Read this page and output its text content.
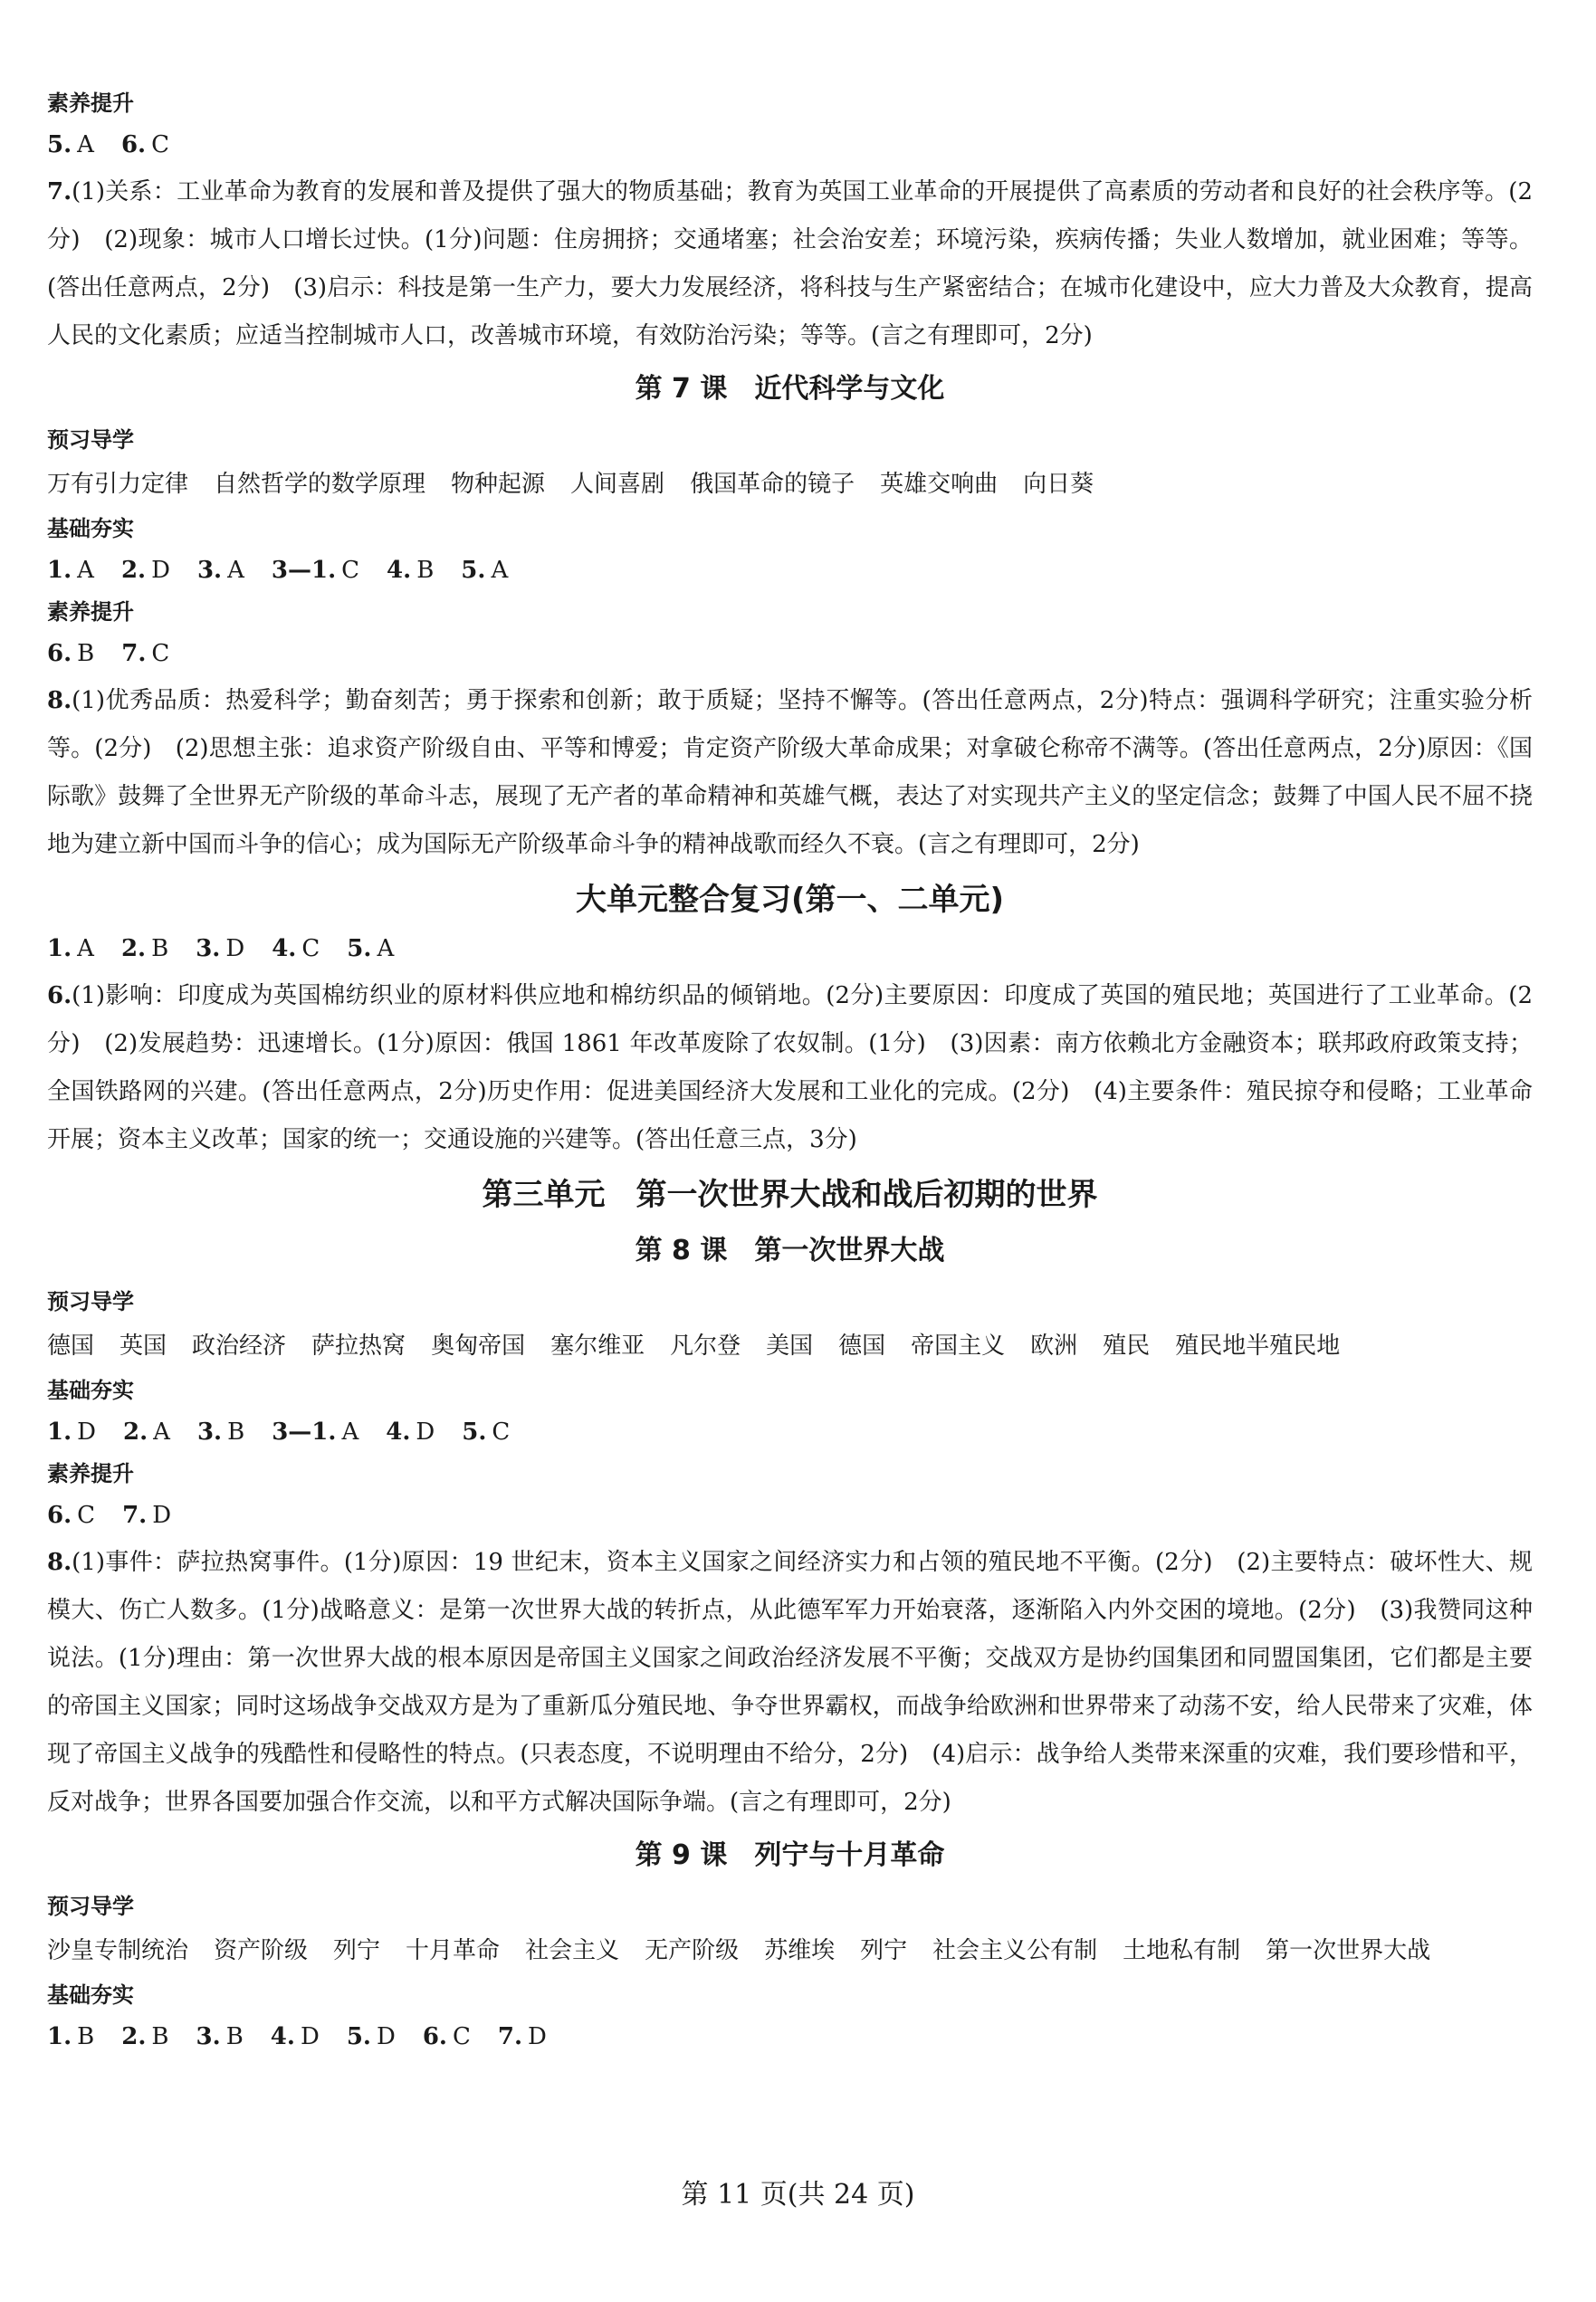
素养提升
5. A 6. C

7.(1)关系：工业革命为教育的发展和普及提供了强大的物质基础；教育为英国工业革命的开展提供了高素质的劳动者和良好的社会秩序等。(2分)　(2)现象：城市人口增长过快。(1分)问题：住房拥挤；交通堵塞；社会治安差；环境污染，疾病传播；失业人数增加，就业困难；等等。(答出任意两点，2分)　(3)启示：科技是第一生产力，要大力发展经济，将科技与生产紧密结合；在城市化建设中，应大力普及大众教育，提高人民的文化素质；应适当控制城市人口，改善城市环境，有效防治污染；等等。(言之有理即可，2分)

第 7 课　近代科学与文化
预习导学
万有引力定律 自然哲学的数学原理 物种起源 人间喜剧 俄国革命的镜子 英雄交响曲 向日葵
基础夯实
1. A 2. D 3. A 3—1. C 4. B 5. A
素养提升
6. B 7. C

8.(1)优秀品质：热爱科学；勤奋刻苦；勇于探索和创新；敢于质疑；坚持不懈等。(答出任意两点，2分)特点：强调科学研究；注重实验分析等。(2分)　(2)思想主张：追求资产阶级自由、平等和博爱；肯定资产阶级大革命成果；对拿破仑称帝不满等。(答出任意两点，2分)原因：《国际歌》鼓舞了全世界无产阶级的革命斗志，展现了无产者的革命精神和英雄气概，表达了对实现共产主义的坚定信念；鼓舞了中国人民不屈不挠地为建立新中国而斗争的信心；成为国际无产阶级革命斗争的精神战歌而经久不衰。(言之有理即可，2分)

大单元整合复习(第一、二单元)
1. A 2. B 3. D 4. C 5. A

6.(1)影响：印度成为英国棉纺织业的原材料供应地和棉纺织品的倾销地。(2分)主要原因：印度成了英国的殖民地；英国进行了工业革命。(2分)　(2)发展趋势：迅速增长。(1分)原因：俄国 1861 年改革废除了农奴制。(1分)　(3)因素：南方依赖北方金融资本；联邦政府政策支持；全国铁路网的兴建。(答出任意两点，2分)历史作用：促进美国经济大发展和工业化的完成。(2分)　(4)主要条件：殖民掠夺和侵略；工业革命开展；资本主义改革；国家的统一；交通设施的兴建等。(答出任意三点，3分)

第三单元　第一次世界大战和战后初期的世界
第 8 课　第一次世界大战
预习导学
德国 英国 政治经济 萨拉热窝 奥匈帝国 塞尔维亚 凡尔登 美国 德国 帝国主义 欧洲 殖民 殖民地半殖民地
基础夯实
1. D 2. A 3. B 3—1. A 4. D 5. C
素养提升
6. C 7. D

8.(1)事件：萨拉热窝事件。(1分)原因：19 世纪末，资本主义国家之间经济实力和占领的殖民地不平衡。(2分)　(2)主要特点：破坏性大、规模大、伤亡人数多。(1分)战略意义：是第一次世界大战的转折点，从此德军军力开始衰落，逐渐陷入内外交困的境地。(2分)　(3)我赞同这种说法。(1分)理由：第一次世界大战的根本原因是帝国主义国家之间政治经济发展不平衡；交战双方是协约国集团和同盟国集团，它们都是主要的帝国主义国家；同时这场战争交战双方是为了重新瓜分殖民地、争夺世界霸权，而战争给欧洲和世界带来了动荡不安，给人民带来了灾难，体现了帝国主义战争的残酷性和侵略性的特点。(只表态度，不说明理由不给分，2分)　(4)启示：战争给人类带来深重的灾难，我们要珍惜和平，反对战争；世界各国要加强合作交流，以和平方式解决国际争端。(言之有理即可，2分)

第 9 课　列宁与十月革命
预习导学
沙皇专制统治 资产阶级 列宁 十月革命 社会主义 无产阶级 苏维埃 列宁 社会主义公有制 土地私有制 第一次世界大战
基础夯实
1. B 2. B 3. B 4. D 5. D 6. C 7. D
第 11 页(共 24 页)
